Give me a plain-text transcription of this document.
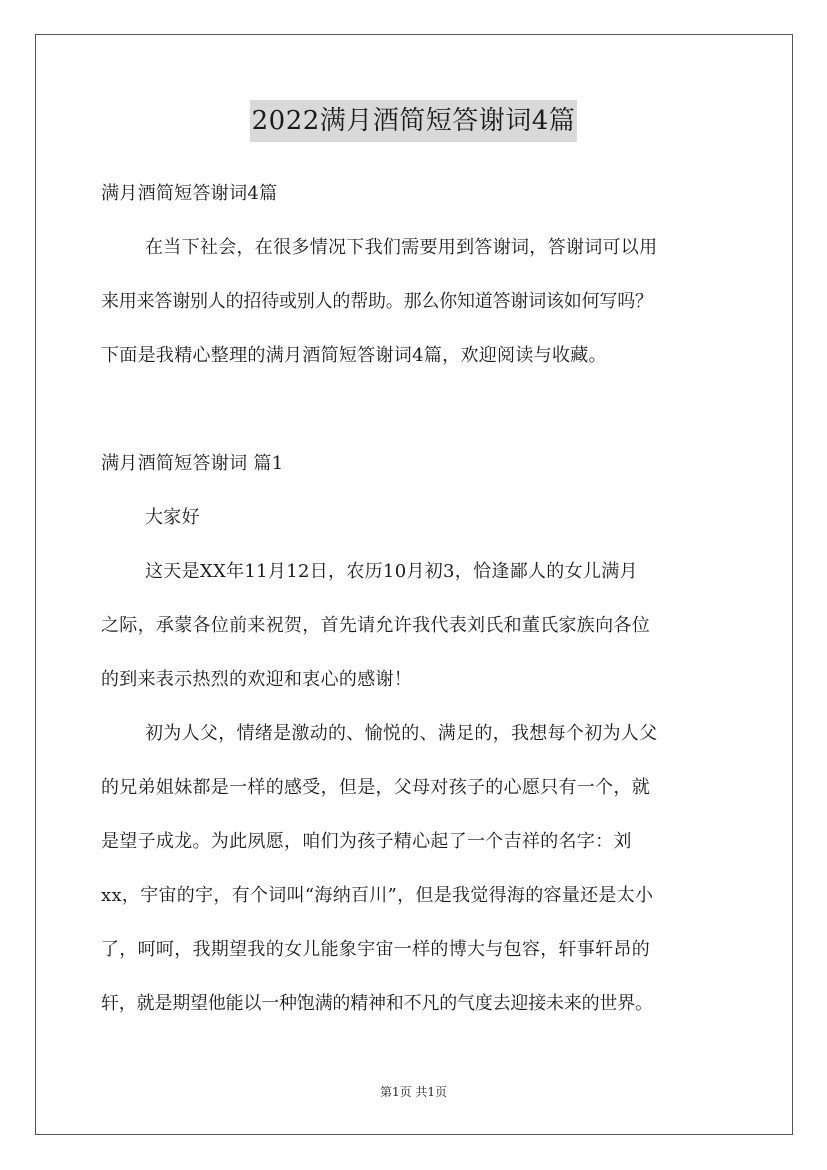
2022满月酒简短答谢词4篇
满月酒简短答谢词4篇
在当下社会，在很多情况下我们需要用到答谢词，答谢词可以用
来用来答谢别人的招待或别人的帮助。那么你知道答谢词该如何写吗？
下面是我精心整理的满月酒简短答谢词4篇，欢迎阅读与收藏。
满月酒简短答谢词 篇1
大家好
这天是XX年11月12日，农历10月初3，恰逢鄙人的女儿满月
之际，承蒙各位前来祝贺，首先请允许我代表刘氏和董氏家族向各位
的到来表示热烈的欢迎和衷心的感谢！
初为人父，情绪是激动的、愉悦的、满足的，我想每个初为人父
的兄弟姐妹都是一样的感受，但是，父母对孩子的心愿只有一个，就
是望子成龙。为此夙愿，咱们为孩子精心起了一个吉祥的名字：刘
xx，宇宙的宇，有个词叫“海纳百川”，但是我觉得海的容量还是太小
了，呵呵，我期望我的女儿能象宇宙一样的博大与包容，轩事轩昂的
轩，就是期望他能以一种饱满的精神和不凡的气度去迎接未来的世界。
第1页 共1页
